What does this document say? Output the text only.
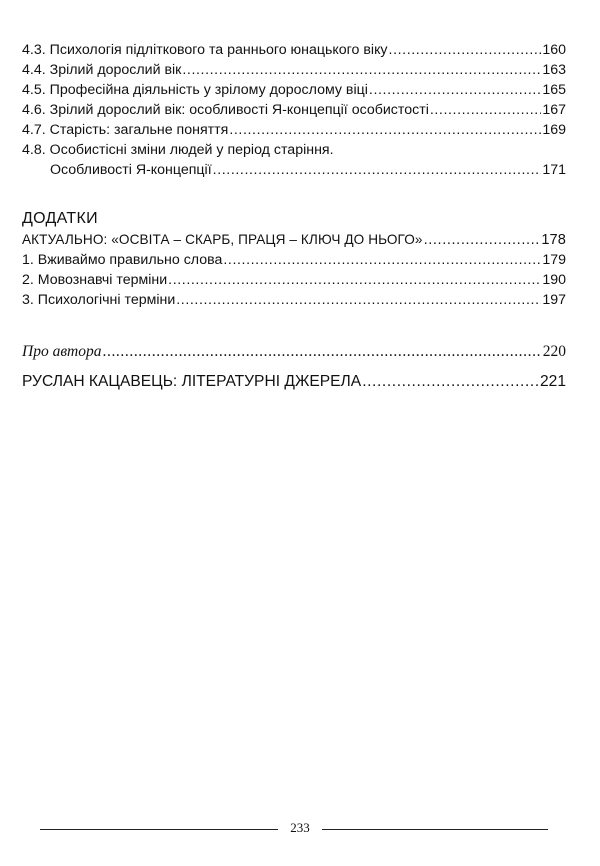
4.3. Психологія підліткового та раннього юнацького віку .....	160
4.4. Зрілий дорослий вік .....	163
4.5. Професійна діяльність у зрілому дорослому віці .....	165
4.6. Зрілий дорослий вік: особливості Я-концепції особистості .....	167
4.7. Старість: загальне поняття .....	169
4.8. Особистісні зміни людей у період старіння.
Особливості Я-концепції .....	171
ДОДАТКИ
АКТУАЛЬНО: «ОСВІТА – СКАРБ, ПРАЦЯ – КЛЮЧ ДО НЬОГО» .....	178
1. Вживаймо правильно слова .....	179
2. Мовознавчі терміни .....	190
3. Психологічні терміни .....	197
Про автора .....	220
РУСЛАН КАЦАВЕЦЬ: ЛІТЕРАТУРНІ ДЖЕРЕЛА .....	221
233
